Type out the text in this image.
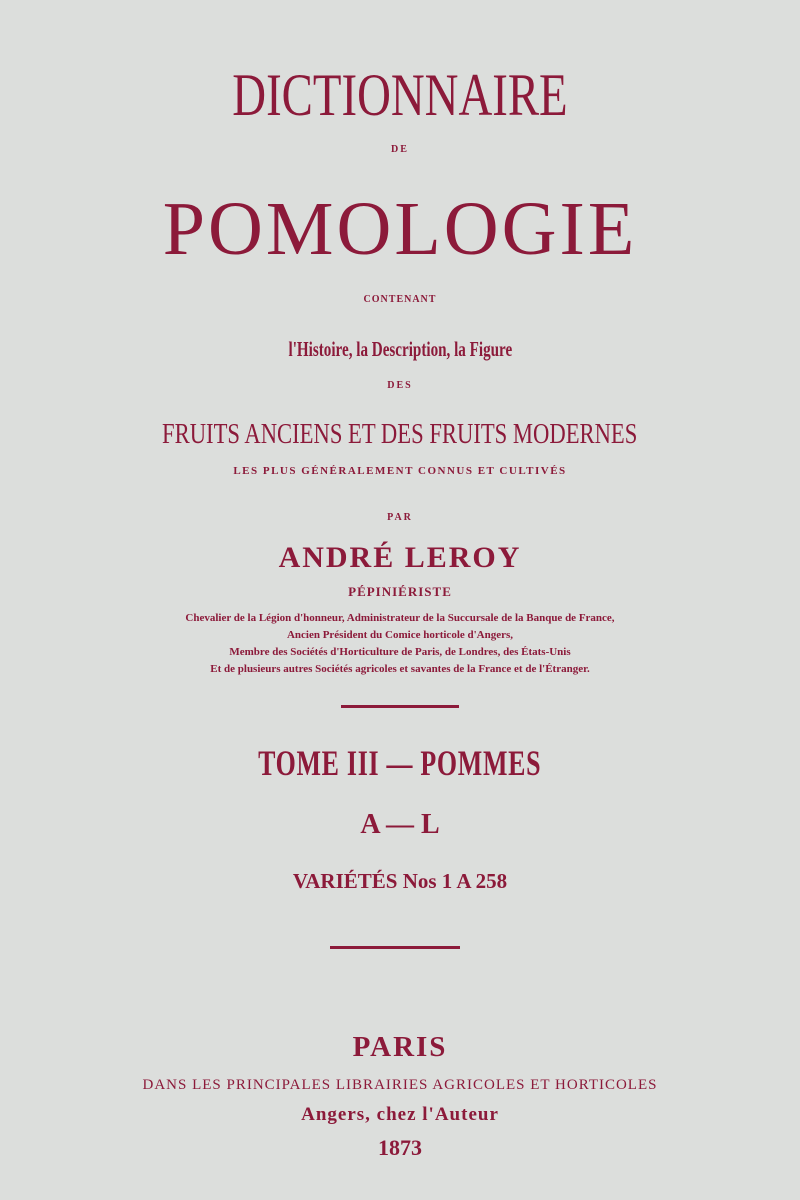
DICTIONNAIRE
DE
POMOLOGIE
CONTENANT
l'Histoire, la Description, la Figure
DES
FRUITS ANCIENS ET DES FRUITS MODERNES
LES PLUS GÉNÉRALEMENT CONNUS ET CULTIVÉS
PAR
ANDRÉ LEROY
PÉPINIÉRISTE
Chevalier de la Légion d'honneur, Administrateur de la Succursale de la Banque de France,
Ancien Président du Comice horticole d'Angers,
Membre des Sociétés d'Horticulture de Paris, de Londres, des États-Unis
Et de plusieurs autres Sociétés agricoles et savantes de la France et de l'Étranger.
TOME III — POMMES
A — L
VARIÉTÉS Nos 1 A 258
PARIS
DANS LES PRINCIPALES LIBRAIRIES AGRICOLES ET HORTICOLES
Angers, chez l'Auteur
1873
